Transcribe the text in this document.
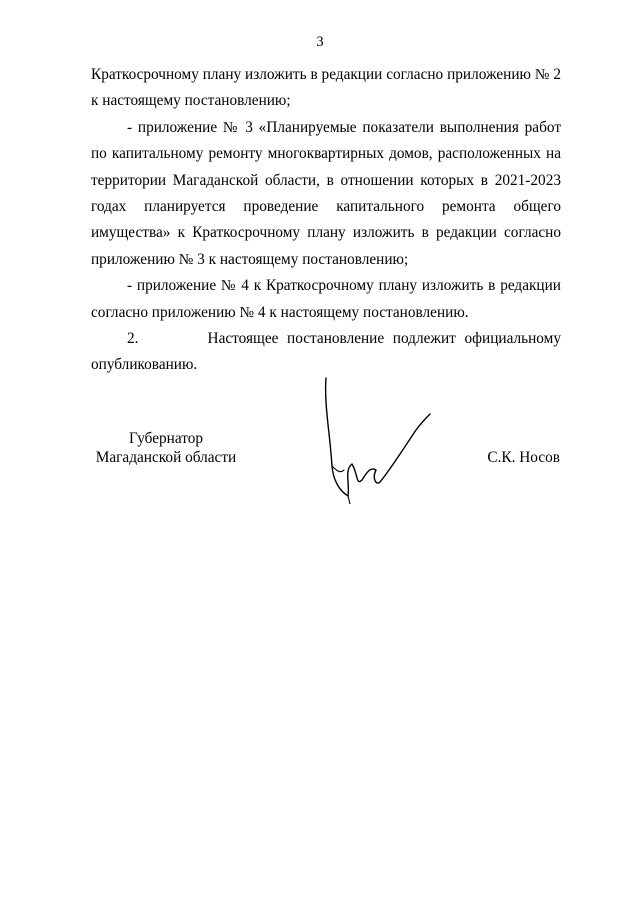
3

Краткосрочному плану изложить в редакции согласно приложению № 2 к настоящему постановлению;

- приложение № 3 «Планируемые показатели выполнения работ по капитальному ремонту многоквартирных домов, расположенных на территории Магаданской области, в отношении которых в 2021-2023 годах планируется проведение капитального ремонта общего имущества» к Краткосрочному плану изложить в редакции согласно приложению № 3 к настоящему постановлению;

- приложение № 4 к Краткосрочному плану изложить в редакции согласно приложению № 4 к настоящему постановлению.

2.        Настоящее постановление подлежит официальному опубликованию.

Губернатор
Магаданской области	С.К. Носов
